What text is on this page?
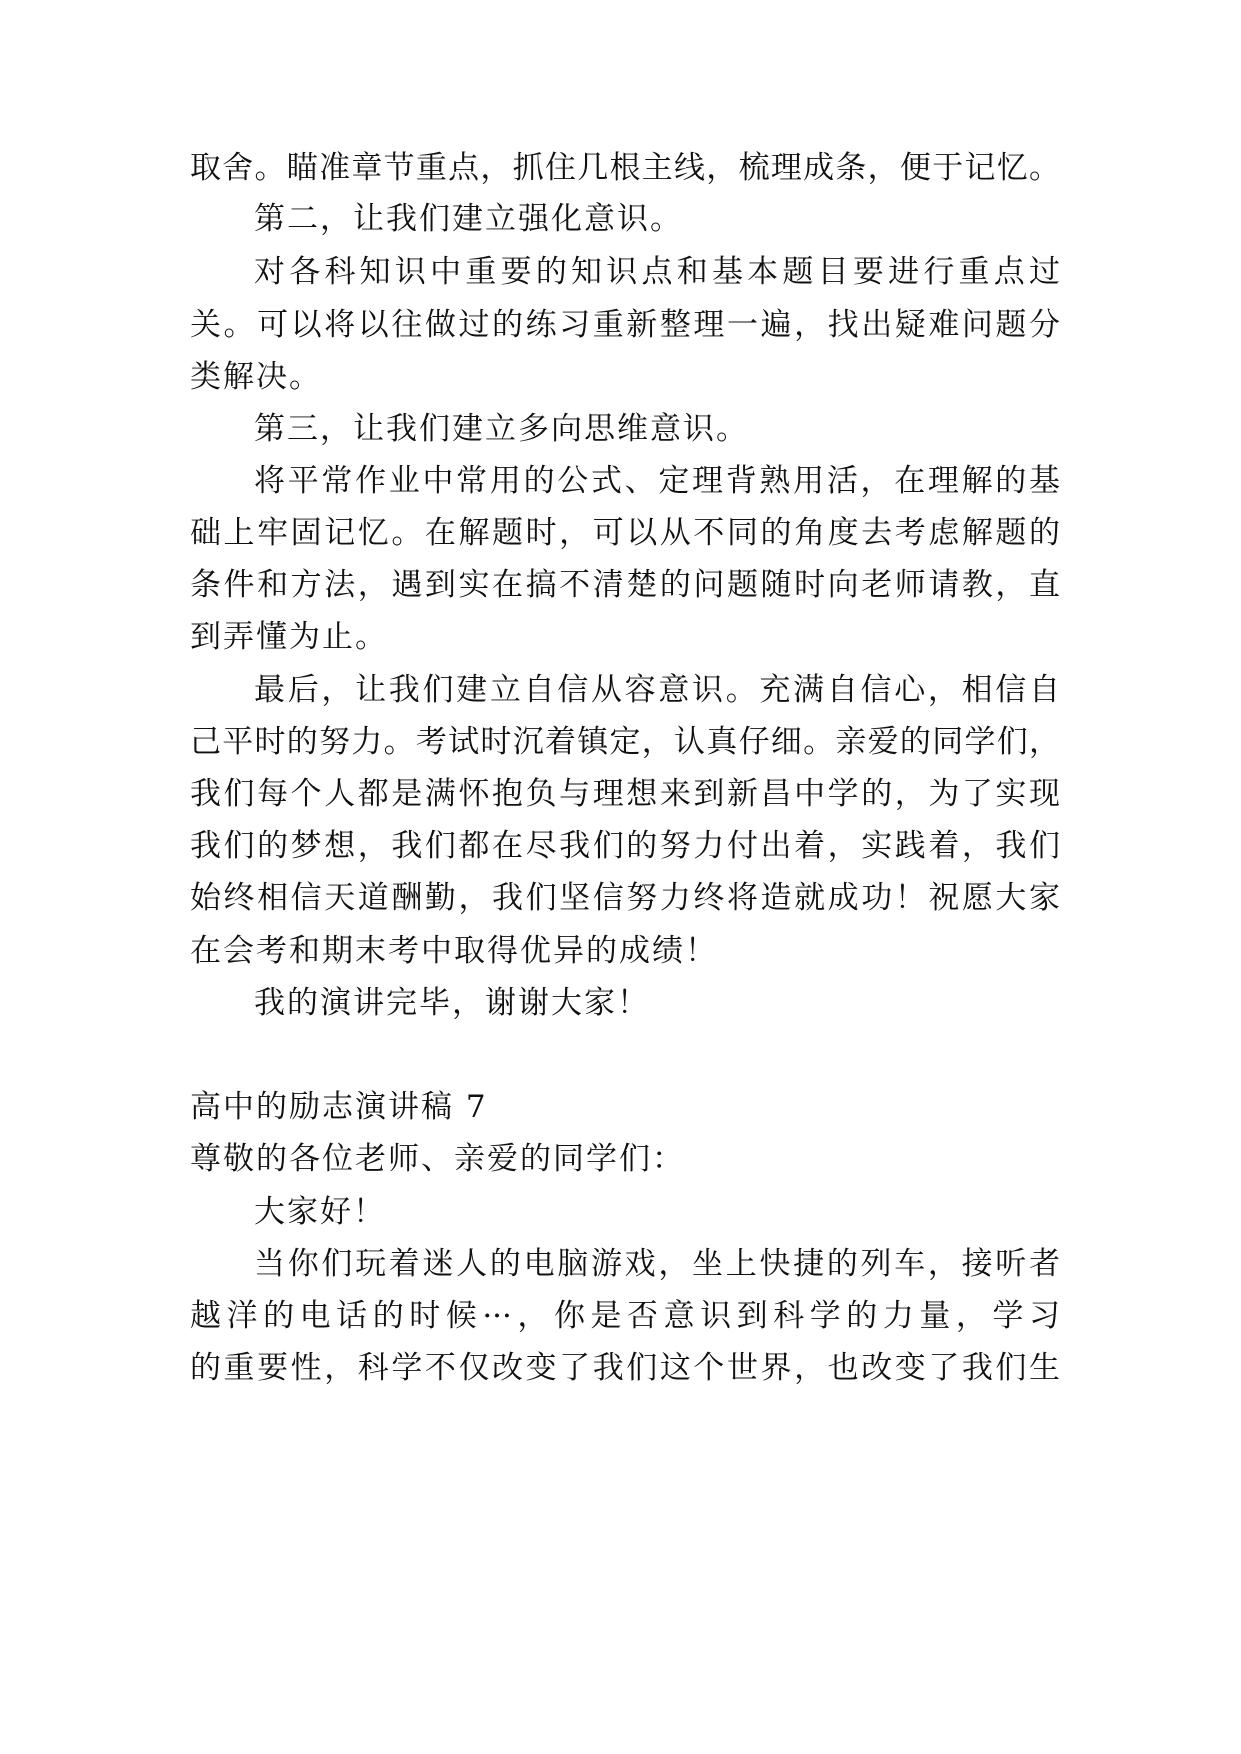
取舍。瞄准章节重点，抓住几根主线，梳理成条，便于记忆。
第二，让我们建立强化意识。
对各科知识中重要的知识点和基本题目要进行重点过
关。可以将以往做过的练习重新整理一遍，找出疑难问题分
类解决。
第三，让我们建立多向思维意识。
将平常作业中常用的公式、定理背熟用活，在理解的基
础上牢固记忆。在解题时，可以从不同的角度去考虑解题的
条件和方法，遇到实在搞不清楚的问题随时向老师请教，直
到弄懂为止。
最后，让我们建立自信从容意识。充满自信心，相信自
己平时的努力。考试时沉着镇定，认真仔细。亲爱的同学们，
我们每个人都是满怀抱负与理想来到新昌中学的，为了实现
我们的梦想，我们都在尽我们的努力付出着，实践着，我们
始终相信天道酬勤，我们坚信努力终将造就成功！祝愿大家
在会考和期末考中取得优异的成绩！
我的演讲完毕，谢谢大家！
高中的励志演讲稿 7
尊敬的各位老师、亲爱的同学们：
大家好！
当你们玩着迷人的电脑游戏，坐上快捷的列车，接听者
越洋的电话的时候···，你是否意识到科学的力量，学习
的重要性，科学不仅改变了我们这个世界，也改变了我们生
